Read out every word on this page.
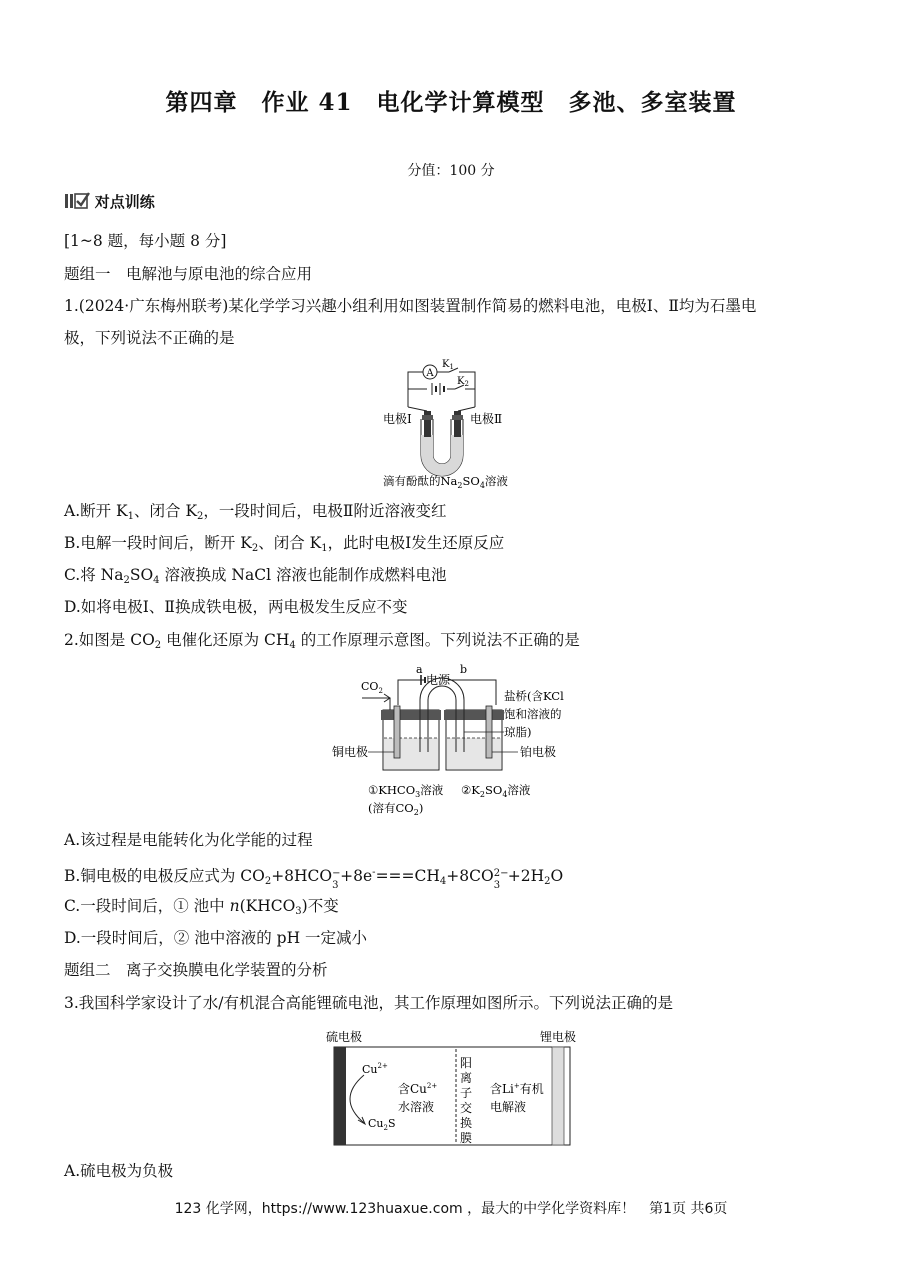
第四章　作业 41　电化学计算模型　多池、多室装置
分值：100 分
对点训练
[1~8 题，每小题 8 分]
题组一　电解池与原电池的综合应用
1.(2024·广东梅州联考)某化学学习兴趣小组利用如图装置制作简易的燃料电池，电极Ⅰ、Ⅱ均为石墨电
极，下列说法不正确的是
A
$K_1$
$K_2$
电极Ⅰ	电极Ⅱ
滴有酚酞的$Na_2SO_4$溶液
A.断开 $K_1$、闭合 $K_2$，一段时间后，电极Ⅱ附近溶液变红
B.电解一段时间后，断开 $K_2$、闭合 $K_1$，此时电极Ⅰ发生还原反应
C.将 $Na_2SO_4$ 溶液换成 NaCl 溶液也能制作成燃料电池
D.如将电极Ⅰ、Ⅱ换成铁电极，两电极发生反应不变
2.如图是 $CO_2$ 电催化还原为 $CH_4$ 的工作原理示意图。下列说法不正确的是
a	b
电源
$CO_2$
铜电极
盐桥(含KCl
饱和溶液的
琼脂)
铂电极
$①KHCO_3$溶液
(溶有$CO_2$)
$②K_2SO_4$溶液
A.该过程是电能转化为化学能的过程
B.铜电极的电极反应式为 $CO_2+8HCO$ −
3
$+8e^-===CH_4+8CO$ 2−
3
$+2H_2O$
C.一段时间后，① 池中 $n(KHCO_3)$不变
D.一段时间后，② 池中溶液的 pH 一定减小
题组二　离子交换膜电化学装置的分析
3.我国科学家设计了水/有机混合高能锂硫电池，其工作原理如图所示。下列说法正确的是
硫电极	锂电极
$Cu^{2+}$
$Cu_2S$
含$Cu^{2+}$
水溶液
阳
离
子
交
换
膜
含Li+有机
电解液
A.硫电极为负极
123 化学网，https://www.123huaxue.com ，最大的中学化学资料库！　第1页 共6页
